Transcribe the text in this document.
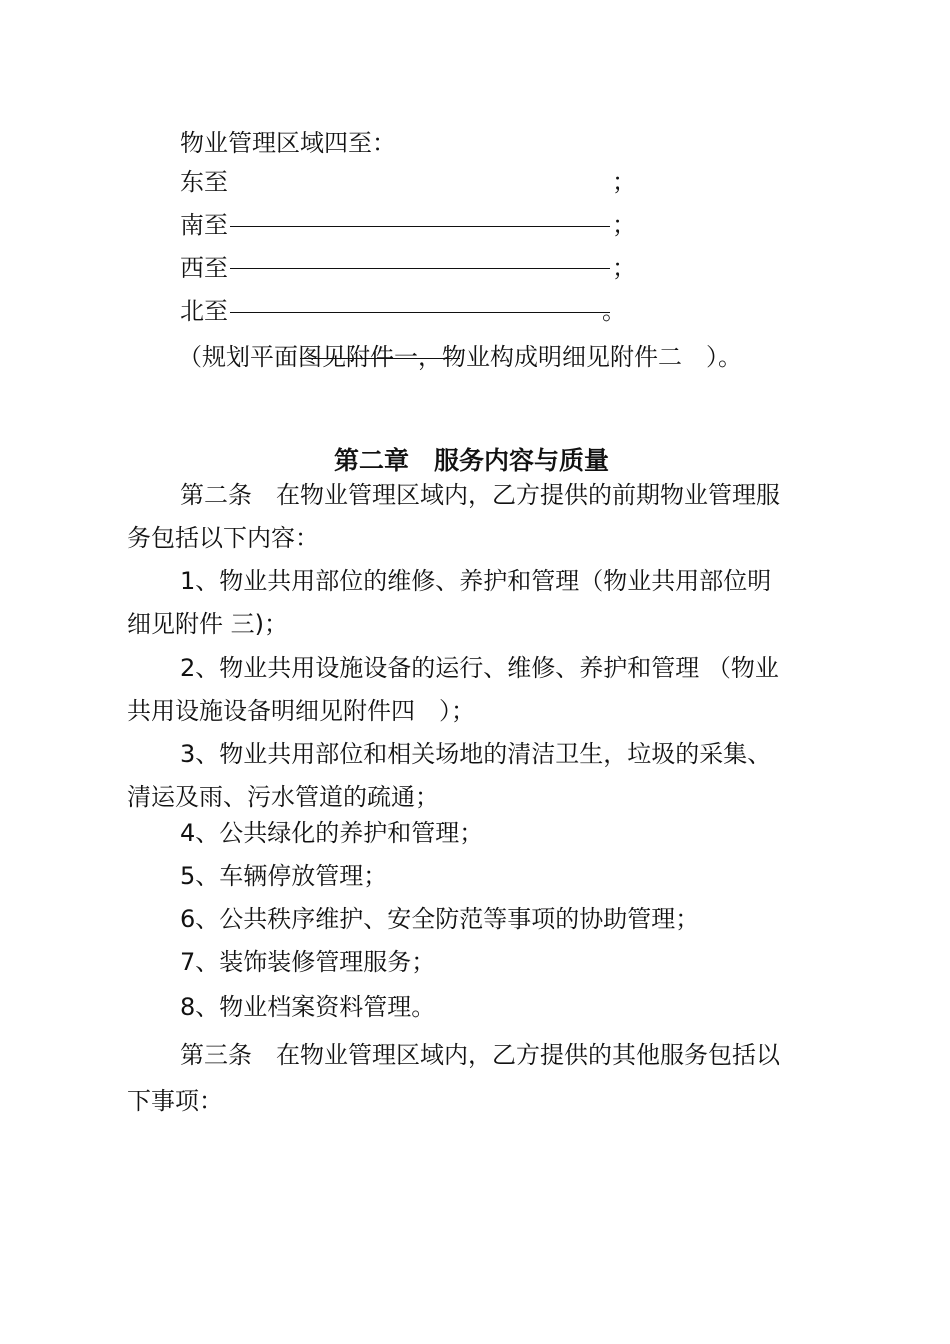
物业管理区域四至：
东至	；
南至	；
西至	；
北至	。
（规划平面图见附件一，物业构成明细见附件二　）。
第二章　服务内容与质量
第二条　在物业管理区域内，乙方提供的前期物业管理服
务包括以下内容：
1、物业共用部位的维修、养护和管理（物业共用部位明
细见附件 三)；
2、物业共用设施设备的运行、维修、养护和管理 （物业
共用设施设备明细见附件四　）；
3、物业共用部位和相关场地的清洁卫生，垃圾的采集、
清运及雨、污水管道的疏通；
4、公共绿化的养护和管理；
5、车辆停放管理；
6、公共秩序维护、安全防范等事项的协助管理；
7、装饰装修管理服务；
8、物业档案资料管理。
第三条　在物业管理区域内，乙方提供的其他服务包括以
下事项：
